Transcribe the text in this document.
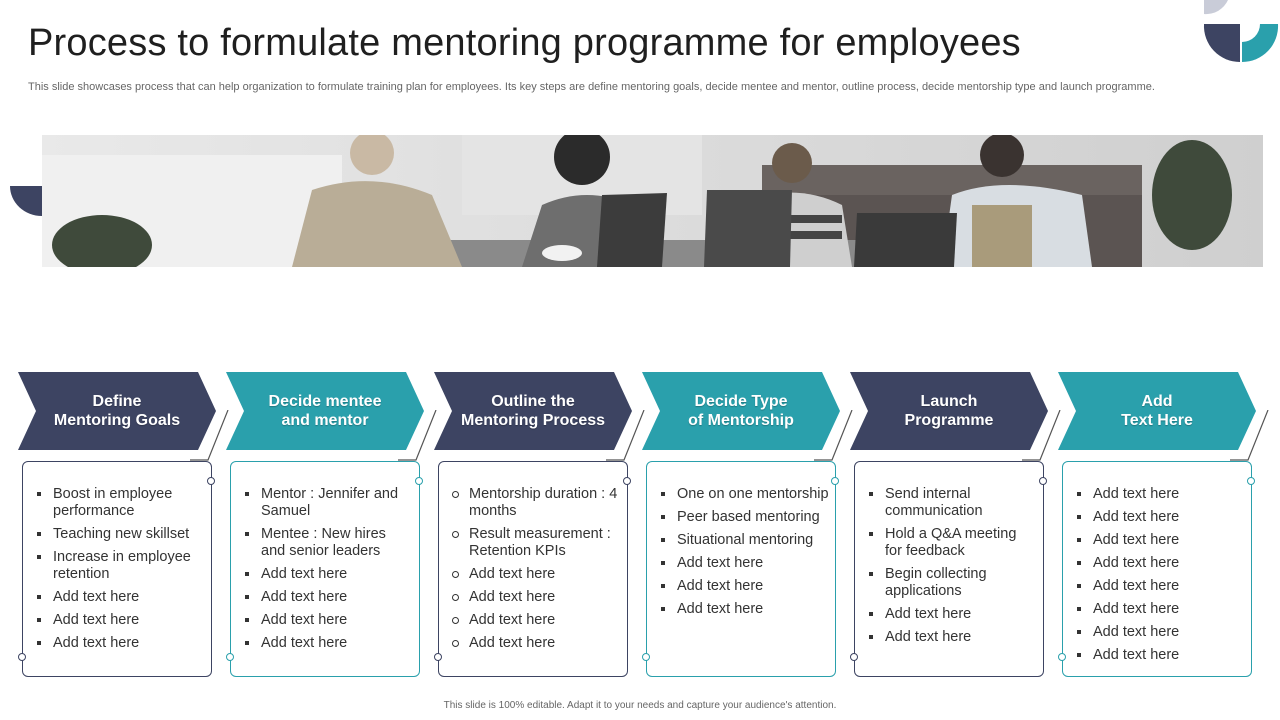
Process to formulate mentoring programme for employees
This slide showcases process that can help organization to formulate training plan for employees. Its key steps are define mentoring goals, decide mentee and mentor, outline process, decide mentorship type and launch programme.
Define
Mentoring Goals
Boost in employee performance
Teaching new skillset
Increase in employee retention
Add text here
Add text here
Add text here
Decide mentee
and mentor
Mentor : Jennifer and Samuel
Mentee : New hires and senior leaders
Add text here
Add text here
Add text here
Add text here
Outline the
Mentoring Process
Mentorship duration : 4 months
Result measurement : Retention KPIs
Add text here
Add text here
Add text here
Add text here
Decide Type
of Mentorship
One on one mentorship
Peer based mentoring
Situational mentoring
Add text here
Add text here
Add text here
Launch
Programme
Send internal communication
Hold a Q&A meeting for feedback
Begin collecting applications
Add text here
Add text here
Add
Text Here
Add text here
Add text here
Add text here
Add text here
Add text here
Add text here
Add text here
Add text here
This slide is 100% editable. Adapt it to your needs and capture your audience's attention.
